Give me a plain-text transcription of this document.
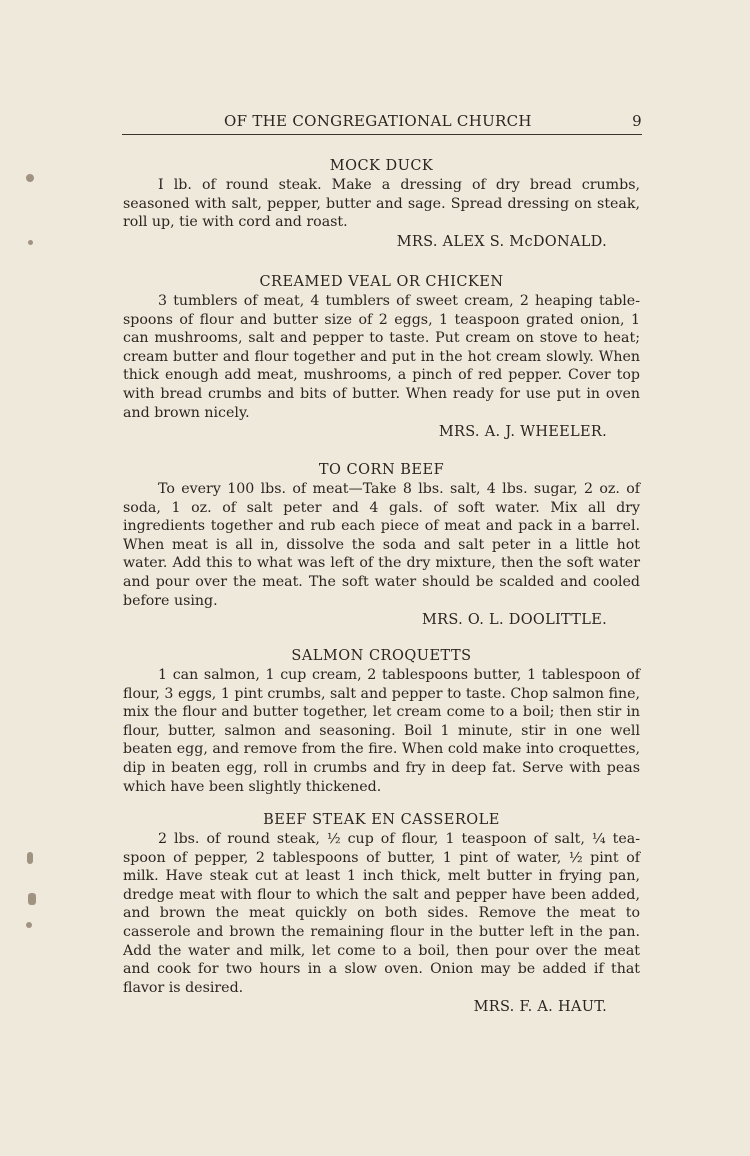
OF THE CONGREGATIONAL CHURCH	9
MOCK DUCK

I lb. of round steak. Make a dressing of dry bread crumbs, seasoned with salt, pepper, butter and sage. Spread dressing on steak, roll up, tie with cord and roast.

MRS. ALEX S. McDONALD.
CREAMED VEAL OR CHICKEN

3 tumblers of meat, 4 tumblers of sweet cream, 2 heaping table-spoons of flour and butter size of 2 eggs, 1 teaspoon grated onion, 1 can mushrooms, salt and pepper to taste. Put cream on stove to heat; cream butter and flour together and put in the hot cream slowly. When thick enough add meat, mushrooms, a pinch of red pepper. Cover top with bread crumbs and bits of butter. When ready for use put in oven and brown nicely.

MRS. A. J. WHEELER.
TO CORN BEEF

To every 100 lbs. of meat—Take 8 lbs. salt, 4 lbs. sugar, 2 oz. of soda, 1 oz. of salt peter and 4 gals. of soft water. Mix all dry ingredients together and rub each piece of meat and pack in a barrel. When meat is all in, dissolve the soda and salt peter in a little hot water. Add this to what was left of the dry mixture, then the soft water and pour over the meat. The soft water should be scalded and cooled before using.

MRS. O. L. DOOLITTLE.
SALMON CROQUETTS

1 can salmon, 1 cup cream, 2 tablespoons butter, 1 tablespoon of flour, 3 eggs, 1 pint crumbs, salt and pepper to taste. Chop salmon fine, mix the flour and butter together, let cream come to a boil; then stir in flour, butter, salmon and seasoning. Boil 1 minute, stir in one well beaten egg, and remove from the fire. When cold make into croquettes, dip in beaten egg, roll in crumbs and fry in deep fat. Serve with peas which have been slightly thickened.

BEEF STEAK EN CASSEROLE

2 lbs. of round steak, ½ cup of flour, 1 teaspoon of salt, ¼ tea-spoon of pepper, 2 tablespoons of butter, 1 pint of water, ½ pint of milk. Have steak cut at least 1 inch thick, melt butter in frying pan, dredge meat with flour to which the salt and pepper have been added, and brown the meat quickly on both sides. Remove the meat to casserole and brown the remaining flour in the butter left in the pan. Add the water and milk, let come to a boil, then pour over the meat and cook for two hours in a slow oven. Onion may be added if that flavor is desired.

MRS. F. A. HAUT.
